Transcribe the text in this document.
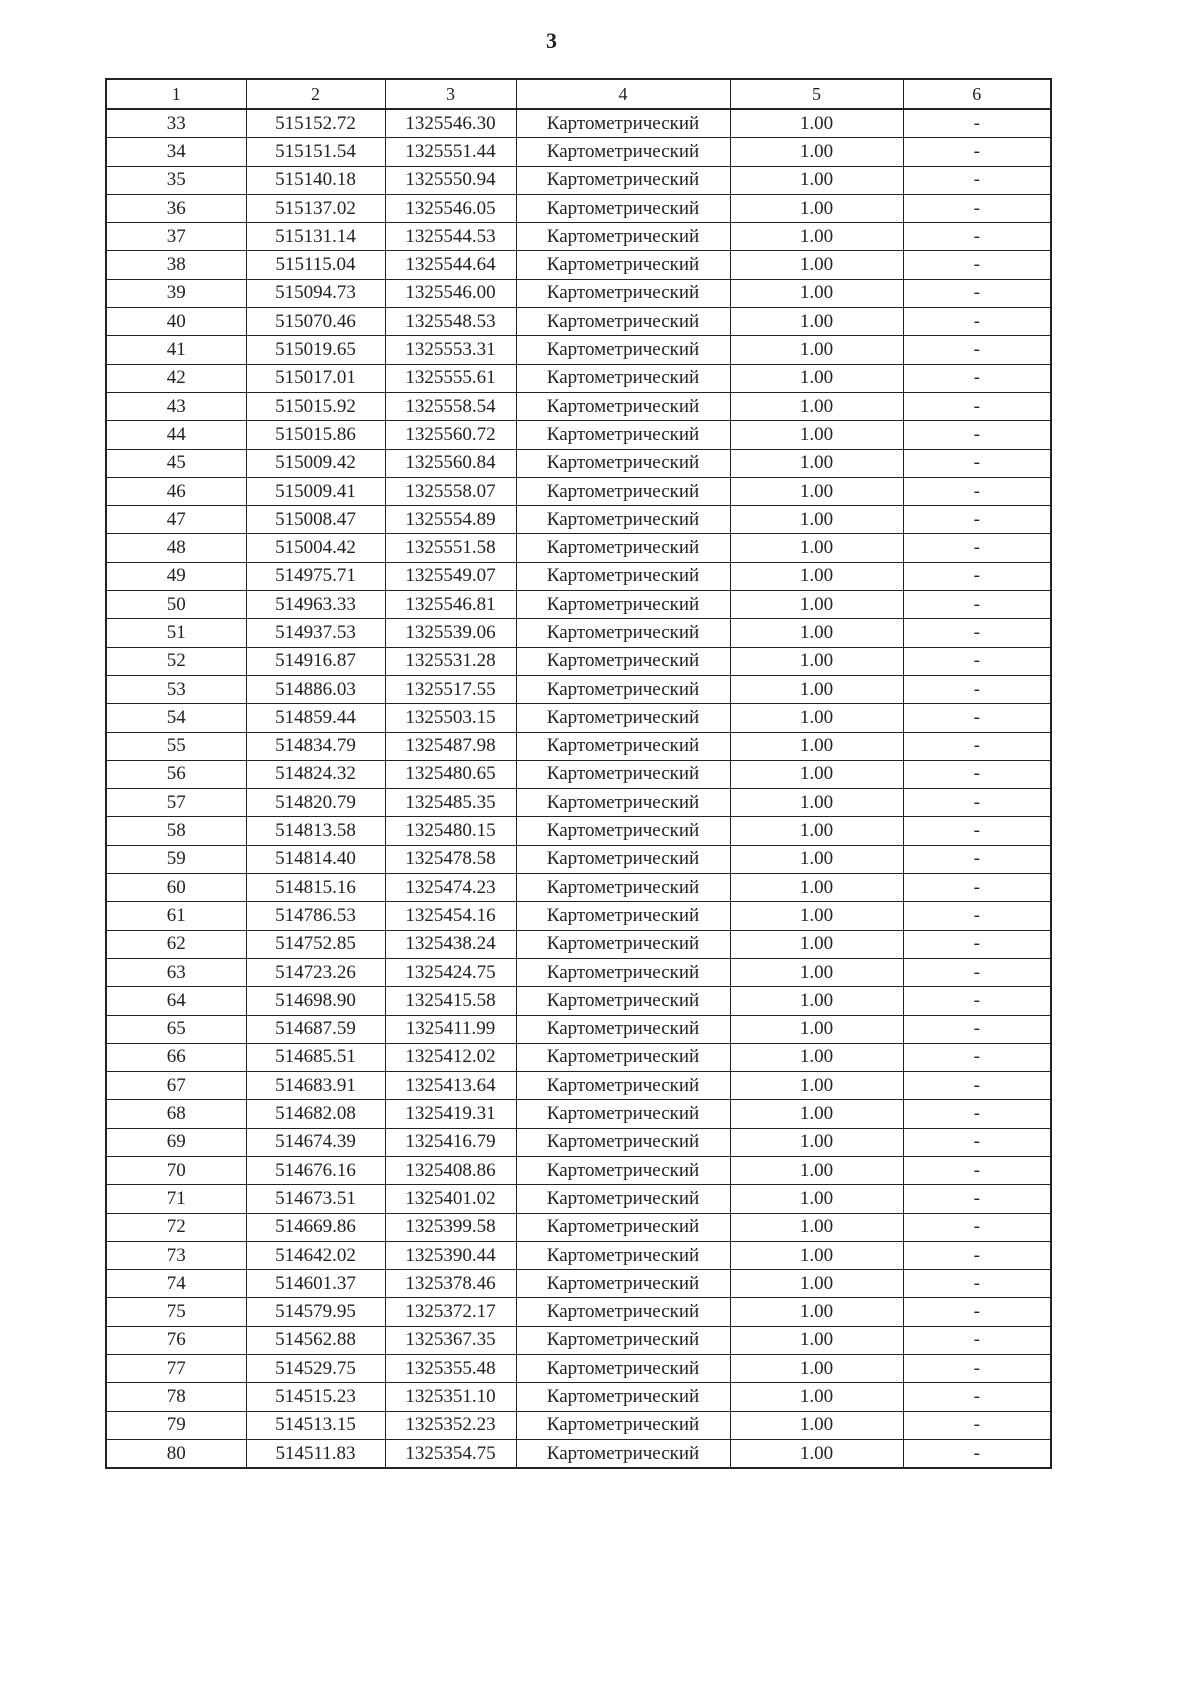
3
1	2	3	4	5	6
33	515152.72	1325546.30	Картометрический	1.00	-
34	515151.54	1325551.44	Картометрический	1.00	-
35	515140.18	1325550.94	Картометрический	1.00	-
36	515137.02	1325546.05	Картометрический	1.00	-
37	515131.14	1325544.53	Картометрический	1.00	-
38	515115.04	1325544.64	Картометрический	1.00	-
39	515094.73	1325546.00	Картометрический	1.00	-
40	515070.46	1325548.53	Картометрический	1.00	-
41	515019.65	1325553.31	Картометрический	1.00	-
42	515017.01	1325555.61	Картометрический	1.00	-
43	515015.92	1325558.54	Картометрический	1.00	-
44	515015.86	1325560.72	Картометрический	1.00	-
45	515009.42	1325560.84	Картометрический	1.00	-
46	515009.41	1325558.07	Картометрический	1.00	-
47	515008.47	1325554.89	Картометрический	1.00	-
48	515004.42	1325551.58	Картометрический	1.00	-
49	514975.71	1325549.07	Картометрический	1.00	-
50	514963.33	1325546.81	Картометрический	1.00	-
51	514937.53	1325539.06	Картометрический	1.00	-
52	514916.87	1325531.28	Картометрический	1.00	-
53	514886.03	1325517.55	Картометрический	1.00	-
54	514859.44	1325503.15	Картометрический	1.00	-
55	514834.79	1325487.98	Картометрический	1.00	-
56	514824.32	1325480.65	Картометрический	1.00	-
57	514820.79	1325485.35	Картометрический	1.00	-
58	514813.58	1325480.15	Картометрический	1.00	-
59	514814.40	1325478.58	Картометрический	1.00	-
60	514815.16	1325474.23	Картометрический	1.00	-
61	514786.53	1325454.16	Картометрический	1.00	-
62	514752.85	1325438.24	Картометрический	1.00	-
63	514723.26	1325424.75	Картометрический	1.00	-
64	514698.90	1325415.58	Картометрический	1.00	-
65	514687.59	1325411.99	Картометрический	1.00	-
66	514685.51	1325412.02	Картометрический	1.00	-
67	514683.91	1325413.64	Картометрический	1.00	-
68	514682.08	1325419.31	Картометрический	1.00	-
69	514674.39	1325416.79	Картометрический	1.00	-
70	514676.16	1325408.86	Картометрический	1.00	-
71	514673.51	1325401.02	Картометрический	1.00	-
72	514669.86	1325399.58	Картометрический	1.00	-
73	514642.02	1325390.44	Картометрический	1.00	-
74	514601.37	1325378.46	Картометрический	1.00	-
75	514579.95	1325372.17	Картометрический	1.00	-
76	514562.88	1325367.35	Картометрический	1.00	-
77	514529.75	1325355.48	Картометрический	1.00	-
78	514515.23	1325351.10	Картометрический	1.00	-
79	514513.15	1325352.23	Картометрический	1.00	-
80	514511.83	1325354.75	Картометрический	1.00	-
